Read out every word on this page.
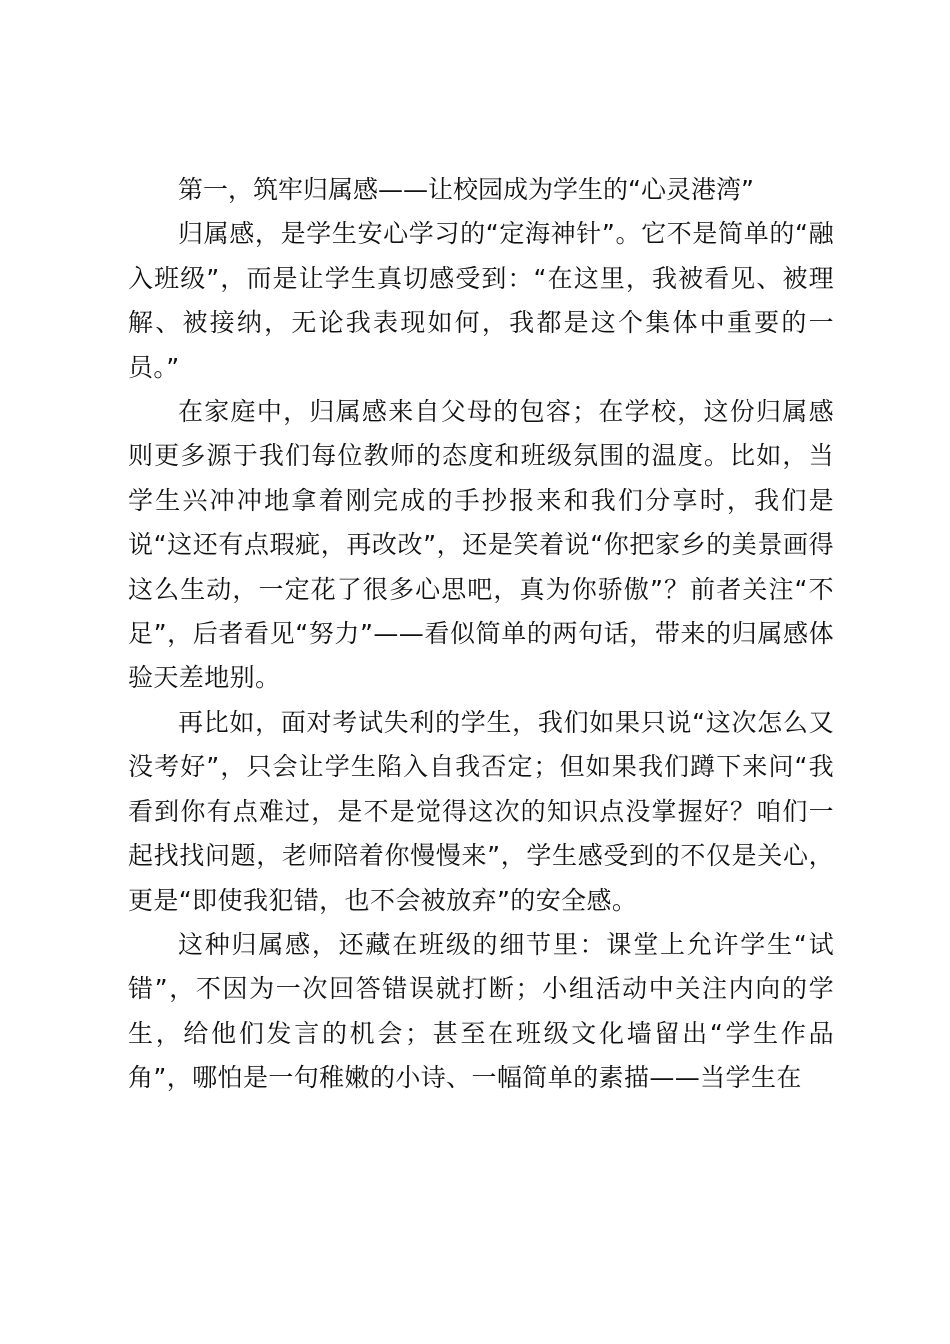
第一，筑牢归属感——让校园成为学生的“心灵港湾”

归属感，是学生安心学习的“定海神针”。它不是简单的“融入班级”，而是让学生真切感受到：“在这里，我被看见、被理解、被接纳，无论我表现如何，我都是这个集体中重要的一员。”

在家庭中，归属感来自父母的包容；在学校，这份归属感则更多源于我们每位教师的态度和班级氛围的温度。比如，当学生兴冲冲地拿着刚完成的手抄报来和我们分享时，我们是说“这还有点瑕疵，再改改”，还是笑着说“你把家乡的美景画得这么生动，一定花了很多心思吧，真为你骄傲”？前者关注“不足”，后者看见“努力”——看似简单的两句话，带来的归属感体验天差地别。

再比如，面对考试失利的学生，我们如果只说“这次怎么又没考好”，只会让学生陷入自我否定；但如果我们蹲下来问“我看到你有点难过，是不是觉得这次的知识点没掌握好？咱们一起找找问题，老师陪着你慢慢来”，学生感受到的不仅是关心，更是“即使我犯错，也不会被放弃”的安全感。

这种归属感，还藏在班级的细节里：课堂上允许学生“试错”，不因为一次回答错误就打断；小组活动中关注内向的学生，给他们发言的机会；甚至在班级文化墙留出“学生作品角”，哪怕是一句稚嫩的小诗、一幅简单的素描——当学生在
